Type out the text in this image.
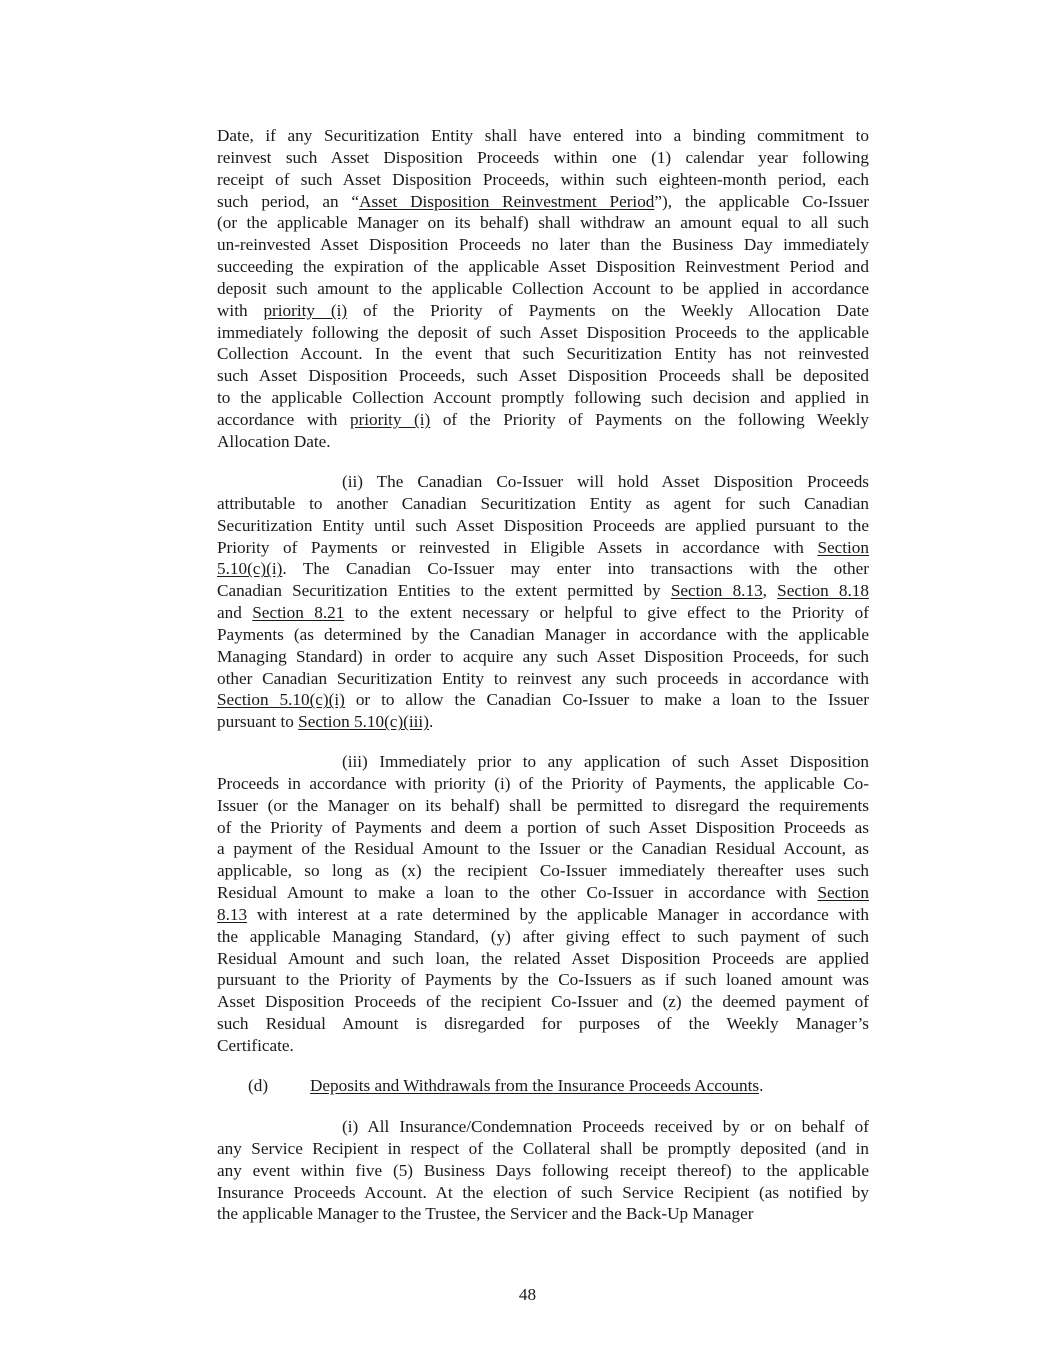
Date, if any Securitization Entity shall have entered into a binding commitment to
reinvest such Asset Disposition Proceeds within one (1) calendar year following
receipt of such Asset Disposition Proceeds, within such eighteen-month period, each
such period, an “Asset Disposition Reinvestment Period”), the applicable Co-Issuer
(or the applicable Manager on its behalf) shall withdraw an amount equal to all such
un-reinvested Asset Disposition Proceeds no later than the Business Day immediately
succeeding the expiration of the applicable Asset Disposition Reinvestment Period and
deposit such amount to the applicable Collection Account to be applied in accordance
with priority (i) of the Priority of Payments on the Weekly Allocation Date
immediately following the deposit of such Asset Disposition Proceeds to the applicable
Collection Account. In the event that such Securitization Entity has not reinvested
such Asset Disposition Proceeds, such Asset Disposition Proceeds shall be deposited
to the applicable Collection Account promptly following such decision and applied in
accordance with priority (i) of the Priority of Payments on the following Weekly
Allocation Date.
(ii) The Canadian Co-Issuer will hold Asset Disposition Proceeds
attributable to another Canadian Securitization Entity as agent for such Canadian
Securitization Entity until such Asset Disposition Proceeds are applied pursuant to the
Priority of Payments or reinvested in Eligible Assets in accordance with Section
5.10(c)(i). The Canadian Co-Issuer may enter into transactions with the other
Canadian Securitization Entities to the extent permitted by Section 8.13, Section 8.18
and Section 8.21 to the extent necessary or helpful to give effect to the Priority of
Payments (as determined by the Canadian Manager in accordance with the applicable
Managing Standard) in order to acquire any such Asset Disposition Proceeds, for such
other Canadian Securitization Entity to reinvest any such proceeds in accordance with
Section 5.10(c)(i) or to allow the Canadian Co-Issuer to make a loan to the Issuer
pursuant to Section 5.10(c)(iii).
(iii) Immediately prior to any application of such Asset Disposition
Proceeds in accordance with priority (i) of the Priority of Payments, the applicable Co-
Issuer (or the Manager on its behalf) shall be permitted to disregard the requirements
of the Priority of Payments and deem a portion of such Asset Disposition Proceeds as
a payment of the Residual Amount to the Issuer or the Canadian Residual Account, as
applicable, so long as (x) the recipient Co-Issuer immediately thereafter uses such
Residual Amount to make a loan to the other Co-Issuer in accordance with Section
8.13 with interest at a rate determined by the applicable Manager in accordance with
the applicable Managing Standard, (y) after giving effect to such payment of such
Residual Amount and such loan, the related Asset Disposition Proceeds are applied
pursuant to the Priority of Payments by the Co-Issuers as if such loaned amount was
Asset Disposition Proceeds of the recipient Co-Issuer and (z) the deemed payment of
such Residual Amount is disregarded for purposes of the Weekly Manager’s
Certificate.
(d) Deposits and Withdrawals from the Insurance Proceeds Accounts.
(i) All Insurance/Condemnation Proceeds received by or on behalf of
any Service Recipient in respect of the Collateral shall be promptly deposited (and in
any event within five (5) Business Days following receipt thereof) to the applicable
Insurance Proceeds Account. At the election of such Service Recipient (as notified by
the applicable Manager to the Trustee, the Servicer and the Back-Up Manager
48
